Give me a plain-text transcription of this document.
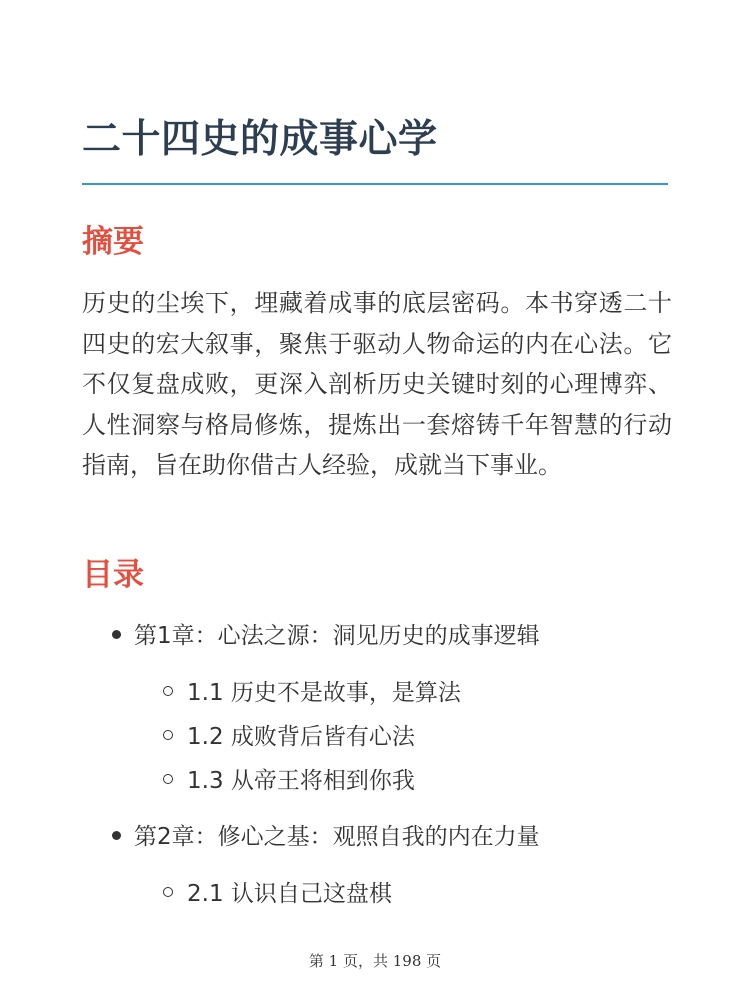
二十四史的成事心学
摘要

历史的尘埃下，埋藏着成事的底层密码。本书穿透二十四史的宏大叙事，聚焦于驱动人物命运的内在心法。它不仅复盘成败，更深入剖析历史关键时刻的心理博弈、人性洞察与格局修炼，提炼出一套熔铸千年智慧的行动指南，旨在助你借古人经验，成就当下事业。

目录
第1章：心法之源：洞见历史的成事逻辑
1.1 历史不是故事，是算法
1.2 成败背后皆有心法
1.3 从帝王将相到你我
第2章：修心之基：观照自我的内在力量
2.1 认识自己这盘棋
第 1 页，共 198 页
